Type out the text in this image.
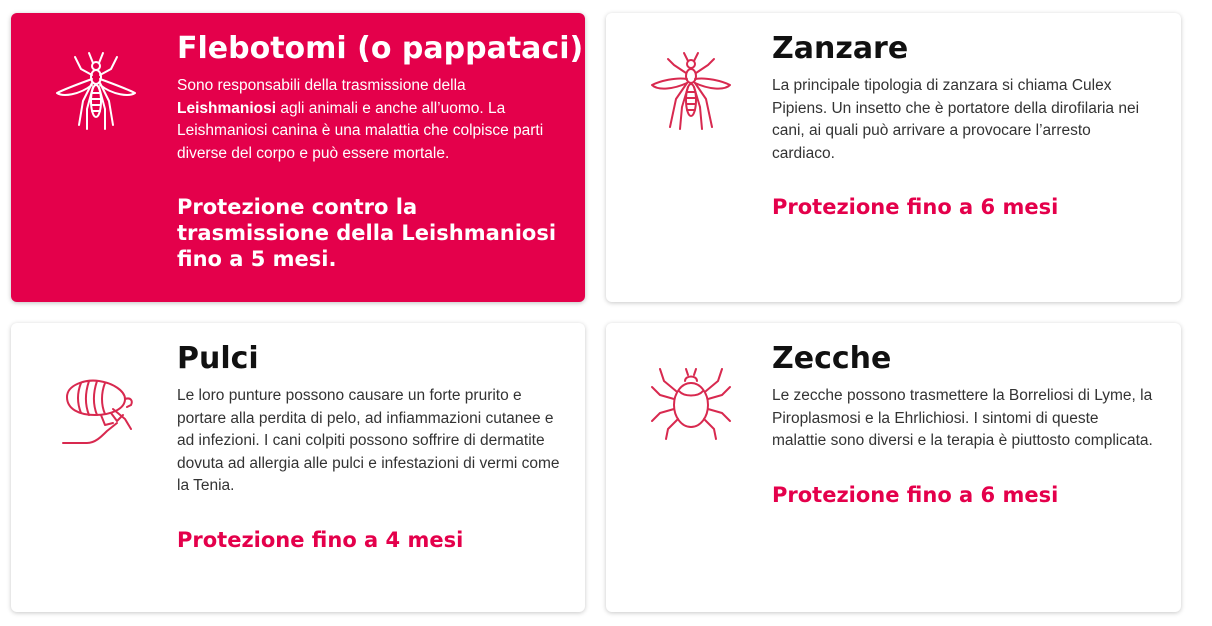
Flebotomi (o pappataci)

Sono responsabili della trasmissione della Leishmaniosi agli animali e anche all’uomo. La Leishmaniosi canina è una malattia che colpisce parti diverse del corpo e può essere mortale.

Protezione contro la trasmissione della Leishmaniosi fino a 5 mesi.
Zanzare

La principale tipologia di zanzara si chiama Culex Pipiens. Un insetto che è portatore della dirofilaria nei cani, ai quali può arrivare a provocare l’arresto cardiaco.

Protezione fino a 6 mesi
Pulci

Le loro punture possono causare un forte prurito e portare alla perdita di pelo, ad infiammazioni cutanee e ad infezioni. I cani colpiti possono soffrire di dermatite dovuta ad allergia alle pulci e infestazioni di vermi come la Tenia.

Protezione fino a 4 mesi
Zecche

Le zecche possono trasmettere la Borreliosi di Lyme, la Piroplasmosi e la Ehrlichiosi. I sintomi di queste malattie sono diversi e la terapia è piuttosto complicata.

Protezione fino a 6 mesi
